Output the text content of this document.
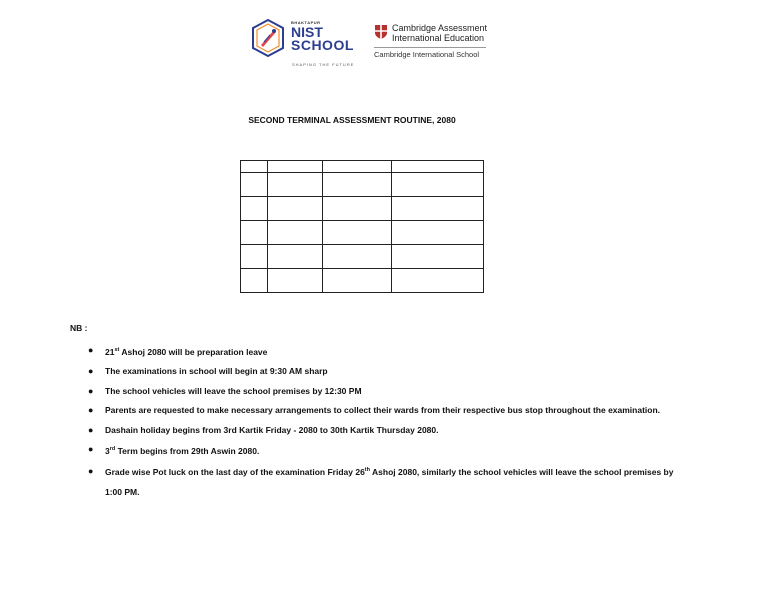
BHAKTAPUR
NIST
SCHOOL
SHAPING THE FUTURE
Cambridge Assessment
International Education
Cambridge International School
SECOND TERMINAL ASSESSMENT ROUTINE, 2080

NB :
● 21st Ashoj 2080 will be preparation leave
● The examinations in school will begin at 9:30 AM sharp
● The school vehicles will leave the school premises by 12:30 PM
● Parents are requested to make necessary arrangements to collect their wards from their respective bus stop throughout the examination.
● Dashain holiday begins from 3rd Kartik Friday - 2080 to 30th Kartik Thursday 2080.
● 3rd Term begins from 29th Aswin 2080.
● Grade wise Pot luck on the last day of the examination Friday 26th Ashoj 2080, similarly the school vehicles will leave the school premises by 1:00 PM.
